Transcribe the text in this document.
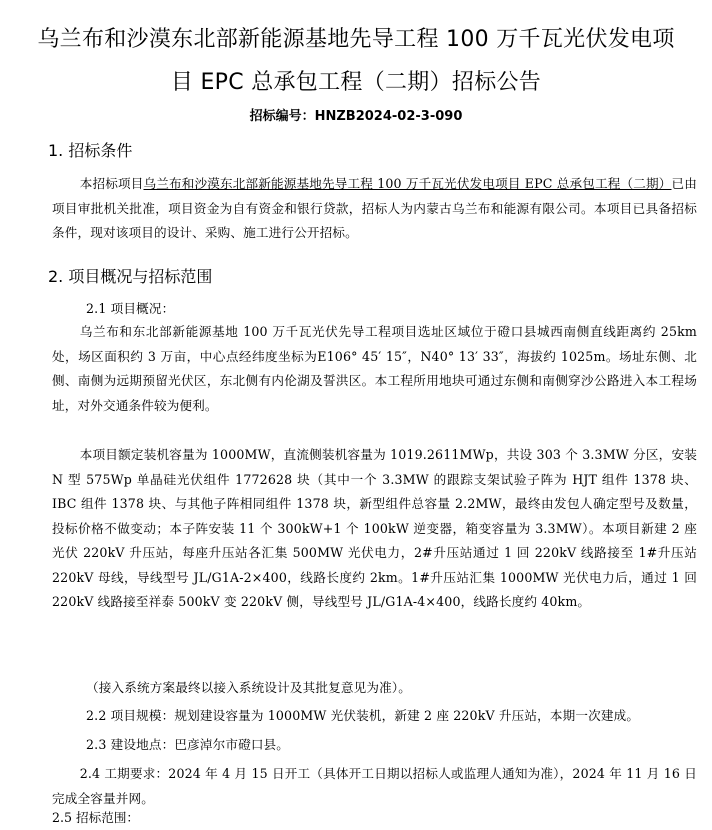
乌兰布和沙漠东北部新能源基地先导工程 100 万千瓦光伏发电项
目 EPC 总承包工程（二期）招标公告
招标编号：HNZB2024-02-3-090
1. 招标条件
本招标项目乌兰布和沙漠东北部新能源基地先导工程 100 万千瓦光伏发电项目 EPC 总承包工程（二期）已由项目审批机关批准，项目资金为自有资金和银行贷款，招标人为内蒙古乌兰布和能源有限公司。本项目已具备招标条件，现对该项目的设计、采购、施工进行公开招标。
2. 项目概况与招标范围
2.1 项目概况：
乌兰布和东北部新能源基地 100 万千瓦光伏先导工程项目选址区域位于磴口县城西南侧直线距离约 25km 处，场区面积约 3 万亩，中心点经纬度坐标为E106° 45′ 15″，N40° 13′ 33″，海拔约 1025m。场址东侧、北侧、南侧为远期预留光伏区，东北侧有内伦湖及誓洪区。本工程所用地块可通过东侧和南侧穿沙公路进入本工程场址，对外交通条件较为便利。
本项目额定装机容量为 1000MW，直流侧装机容量为 1019.2611MWp，共设 303 个 3.3MW 分区，安装 N 型 575Wp 单晶硅光伏组件 1772628 块（其中一个 3.3MW 的跟踪支架试验子阵为 HJT 组件 1378 块、IBC 组件 1378 块、与其他子阵相同组件 1378 块，新型组件总容量 2.2MW，最终由发包人确定型号及数量，投标价格不做变动；本子阵安装 11 个 300kW+1 个 100kW 逆变器，箱变容量为 3.3MW）。本项目新建 2 座光伏 220kV 升压站，每座升压站各汇集 500MW 光伏电力，2#升压站通过 1 回 220kV 线路接至 1#升压站 220kV 母线，导线型号 JL/G1A-2×400，线路长度约 2km。1#升压站汇集 1000MW 光伏电力后，通过 1 回 220kV 线路接至祥泰 500kV 变 220kV 侧，导线型号 JL/G1A-4×400，线路长度约 40km。
（接入系统方案最终以接入系统设计及其批复意见为准）。
2.2 项目规模：规划建设容量为 1000MW 光伏装机，新建 2 座 220kV 升压站，本期一次建成。
2.3 建设地点：巴彦淖尔市磴口县。
2.4 工期要求：2024 年 4 月 15 日开工（具体开工日期以招标人或监理人通知为准），2024 年 11 月 16 日完成全容量并网。
2.5 招标范围：
